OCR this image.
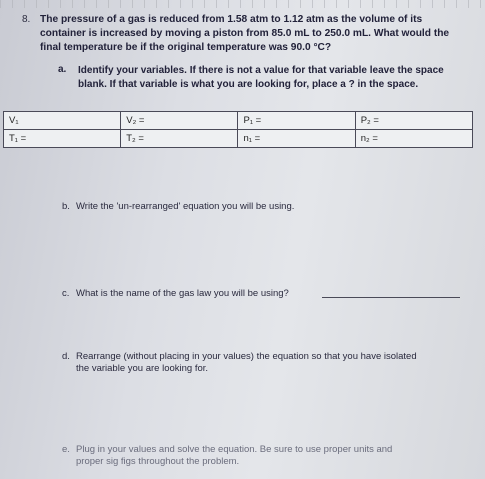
8. The pressure of a gas is reduced from 1.58 atm to 1.12 atm as the volume of its container is increased by moving a piston from 85.0 mL to 250.0 mL. What would the final temperature be if the original temperature was 90.0 °C?
a. Identify your variables. If there is not a value for that variable leave the space blank. If that variable is what you are looking for, place a ? in the space.
V₁	V₂ =	P₁ =	P₂ =
T₁ =	T₂ =	n₁ =	n₂ =
b. Write the 'un-rearranged' equation you will be using.
c. What is the name of the gas law you will be using?
d. Rearrange (without placing in your values) the equation so that you have isolated
the variable you are looking for.
e. Plug in your values and solve the equation. Be sure to use proper units and
proper sig figs throughout the problem.
